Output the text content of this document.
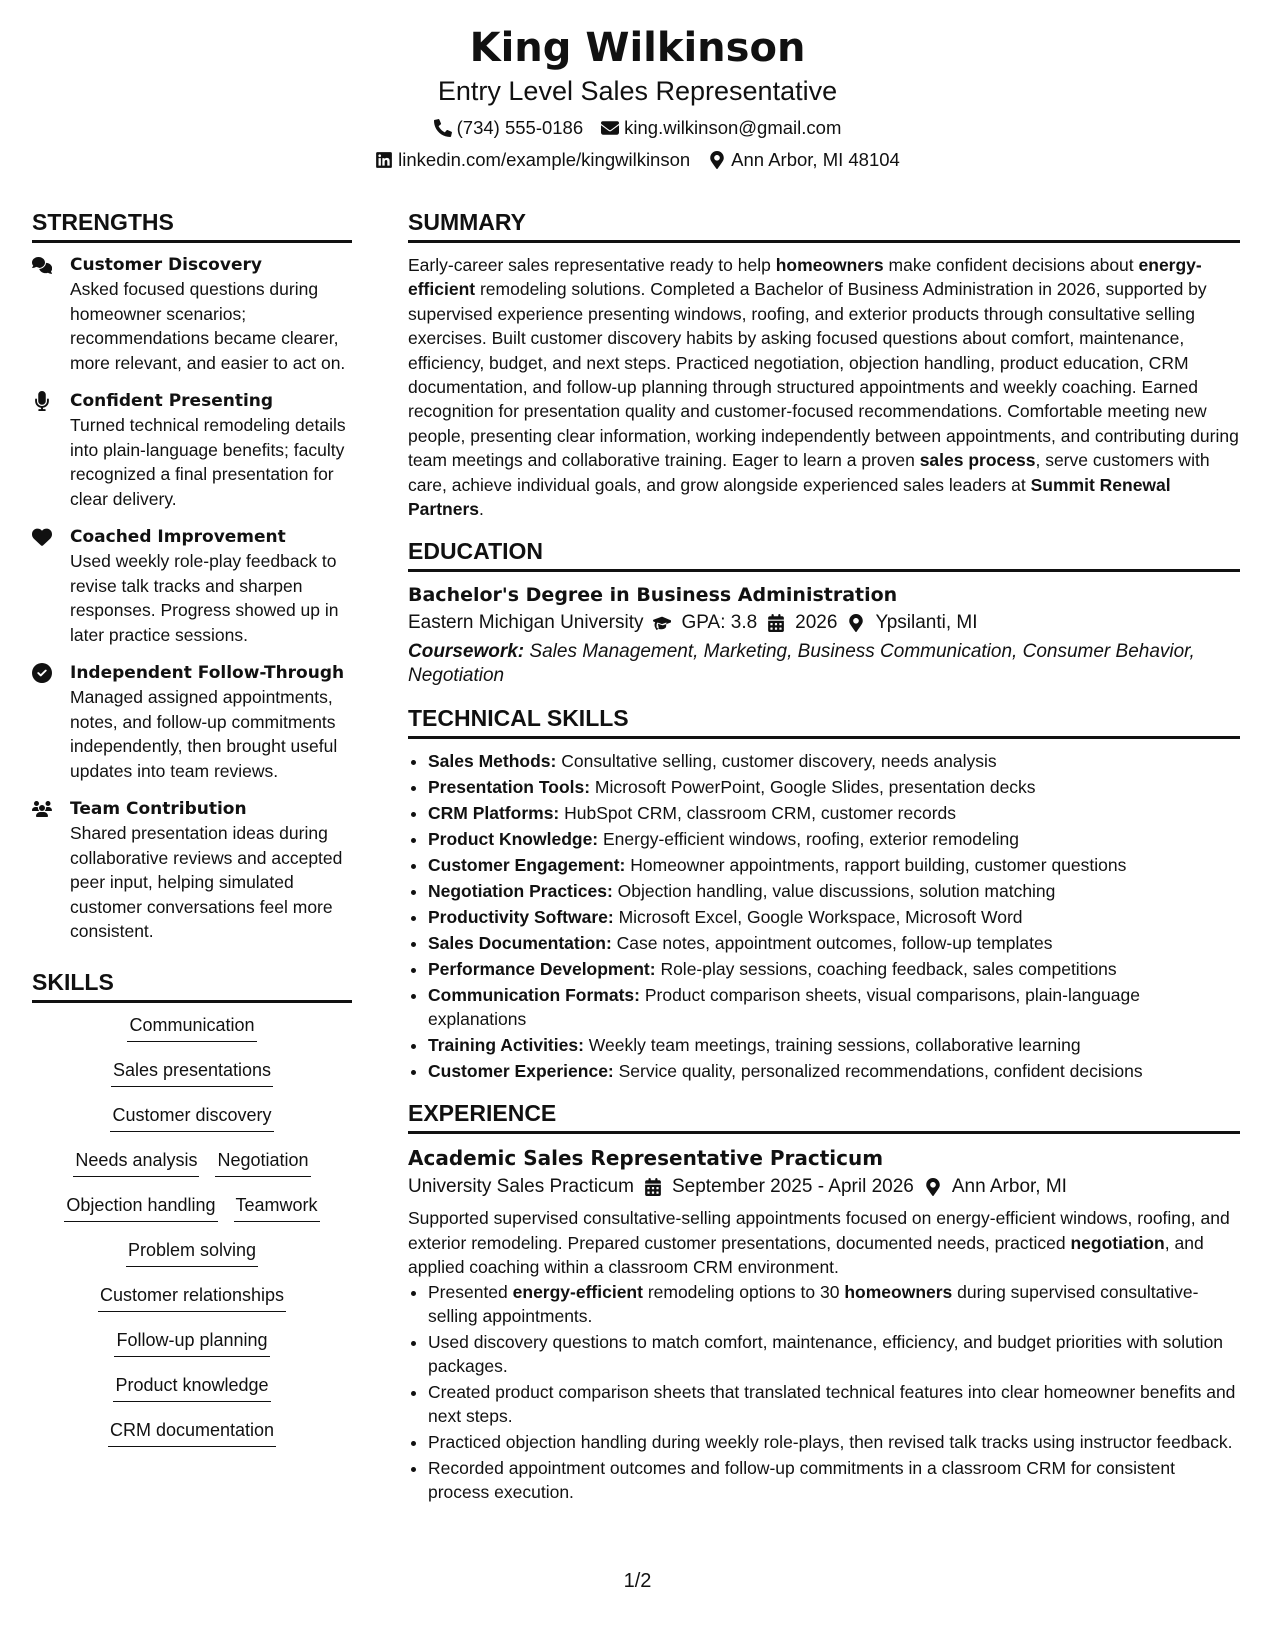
King Wilkinson
Entry Level Sales Representative
(734) 555-0186 king.wilkinson@gmail.com
linkedin.com/example/kingwilkinson Ann Arbor, MI 48104
STRENGTHS
Customer Discovery
Asked focused questions during homeowner scenarios; recommendations became clearer, more relevant, and easier to act on.
Confident Presenting
Turned technical remodeling details into plain-language benefits; faculty recognized a final presentation for clear delivery.
Coached Improvement
Used weekly role-play feedback to revise talk tracks and sharpen responses. Progress showed up in later practice sessions.
Independent Follow-Through
Managed assigned appointments, notes, and follow-up commitments independently, then brought useful updates into team reviews.
Team Contribution
Shared presentation ideas during collaborative reviews and accepted peer input, helping simulated customer conversations feel more consistent.
SKILLS
Communication
Sales presentations
Customer discovery
Needs analysis Negotiation
Objection handling Teamwork
Problem solving
Customer relationships
Follow-up planning
Product knowledge
CRM documentation
SUMMARY
Early-career sales representative ready to help homeowners make confident decisions about energy-efficient remodeling solutions. Completed a Bachelor of Business Administration in 2026, supported by supervised experience presenting windows, roofing, and exterior products through consultative selling exercises. Built customer discovery habits by asking focused questions about comfort, maintenance, efficiency, budget, and next steps. Practiced negotiation, objection handling, product education, CRM documentation, and follow-up planning through structured appointments and weekly coaching. Earned recognition for presentation quality and customer-focused recommendations. Comfortable meeting new people, presenting clear information, working independently between appointments, and contributing during team meetings and collaborative training. Eager to learn a proven sales process, serve customers with care, achieve individual goals, and grow alongside experienced sales leaders at Summit Renewal Partners.
EDUCATION
Bachelor's Degree in Business Administration
Eastern Michigan University GPA: 3.8 2026 Ypsilanti, MI
Coursework: Sales Management, Marketing, Business Communication, Consumer Behavior, Negotiation
TECHNICAL SKILLS
• Sales Methods: Consultative selling, customer discovery, needs analysis
• Presentation Tools: Microsoft PowerPoint, Google Slides, presentation decks
• CRM Platforms: HubSpot CRM, classroom CRM, customer records
• Product Knowledge: Energy-efficient windows, roofing, exterior remodeling
• Customer Engagement: Homeowner appointments, rapport building, customer questions
• Negotiation Practices: Objection handling, value discussions, solution matching
• Productivity Software: Microsoft Excel, Google Workspace, Microsoft Word
• Sales Documentation: Case notes, appointment outcomes, follow-up templates
• Performance Development: Role-play sessions, coaching feedback, sales competitions
• Communication Formats: Product comparison sheets, visual comparisons, plain-language explanations
• Training Activities: Weekly team meetings, training sessions, collaborative learning
• Customer Experience: Service quality, personalized recommendations, confident decisions
EXPERIENCE
Academic Sales Representative Practicum
University Sales Practicum September 2025 - April 2026 Ann Arbor, MI
Supported supervised consultative-selling appointments focused on energy-efficient windows, roofing, and exterior remodeling. Prepared customer presentations, documented needs, practiced negotiation, and applied coaching within a classroom CRM environment.
• Presented energy-efficient remodeling options to 30 homeowners during supervised consultative-selling appointments.
• Used discovery questions to match comfort, maintenance, efficiency, and budget priorities with solution packages.
• Created product comparison sheets that translated technical features into clear homeowner benefits and next steps.
• Practiced objection handling during weekly role-plays, then revised talk tracks using instructor feedback.
• Recorded appointment outcomes and follow-up commitments in a classroom CRM for consistent process execution.
1/2
